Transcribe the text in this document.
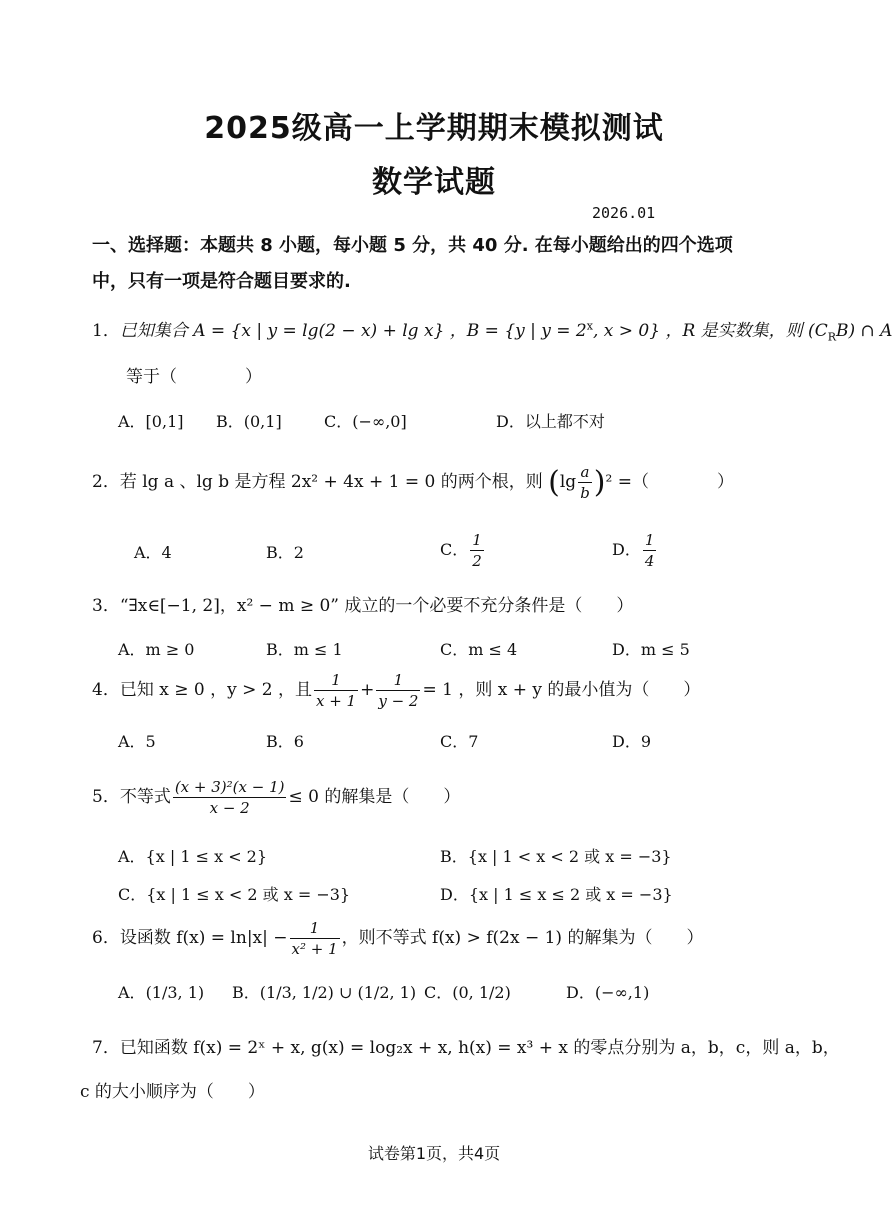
2025级高一上学期期末模拟测试
数学试题
2026.01
一、选择题：本题共 8 小题，每小题 5 分，共 40 分. 在每小题给出的四个选项
中，只有一项是符合题目要求的.
1．已知集合 A = {x | y = lg(2 − x) + lg x} ，B = {y | $y = 2^x$, x > 0} ，R 是实数集，则 $(C_RB)$ ∩ A
等于（　　　　）
A．[0,1] B．(0,1]	C．(−∞,0]	D．以上都不对
2．若 lg a 、lg b 是方程 2x² + 4x + 1 = 0 的两个根，则 $(\lg \frac{a}{b} )^2$ =（　　　　）
A．4	B．2	C． $\frac{1}{2}$	D． $\frac{1}{4}$
3．“∃x∈[−1, 2]，x² − m ≥ 0” 成立的一个必要不充分条件是（　　）
A．m ≥ 0	B．m ≤ 1	C．m ≤ 4	D．m ≤ 5
4．已知 x ≥ 0 ，y > 2 ，且 $\frac{1}{x + 1} + \frac{1}{y - 2} = 1$ ，则 x + y 的最小值为（　　）
A．5	B．6	C．7	D．9
5．不等式 $\frac{\text{(x + 3)²(x − 1)}}{x - 2} \le 0$ 的解集是（　　）
A．{x | 1 ≤ x < 2}	B．{x | 1 < x < 2 或 x = −3}
C．{x | 1 ≤ x < 2 或 x = −3}	D．{x | 1 ≤ x ≤ 2 或 x = −3}
6．设函数 $f(x) = \ln|x| - \frac{1}{\text{x² + 1}}$ ，则不等式 f(x) > f(2x − 1) 的解集为（　　）
A．(1/3, 1) B．(1/3, 1/2) ∪ (1/2, 1) C．(0, 1/2)	D．(−∞,1)
7．已知函数 f(x) = 2ˣ + x, g(x) = log₂x + x, h(x) = x³ + x 的零点分别为 a，b，c，则 a，b，
c 的大小顺序为（　　）
试卷第1页，共4页
